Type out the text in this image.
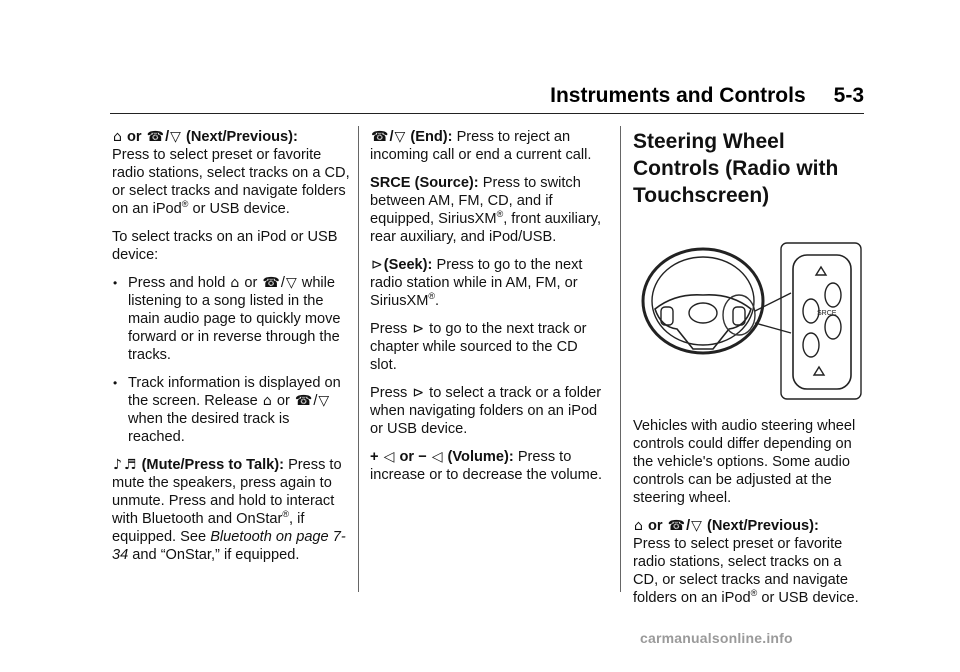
Instruments and Controls 5-3

⌂ or ☎/▽ (Next/Previous):
Press to select preset or favorite radio stations, select tracks on a CD, or select tracks and navigate folders on an iPod® or USB device.

To select tracks on an iPod or USB device:

• Press and hold ⌂ or ☎/▽ while listening to a song listed in the main audio page to quickly move forward or in reverse through the tracks.
• Track information is displayed on the screen. Release ⌂ or ☎/▽ when the desired track is reached.

♪ ♬ (Mute/Press to Talk): Press to mute the speakers, press again to unmute. Press and hold to interact with Bluetooth and OnStar®, if equipped. See Bluetooth on page 7-34 and “OnStar,” if equipped.

☎/▽ (End): Press to reject an incoming call or end a current call.

SRCE (Source): Press to switch between AM, FM, CD, and if equipped, SiriusXM®, front auxiliary, rear auxiliary, and iPod/USB.

⊳(Seek): Press to go to the next radio station while in AM, FM, or SiriusXM®.

Press ⊳ to go to the next track or chapter while sourced to the CD slot.

Press ⊳ to select a track or a folder when navigating folders on an iPod or USB device.

+ ◁ or − ◁ (Volume): Press to increase or to decrease the volume.

Steering Wheel Controls (Radio with Touchscreen)
SRCE

Vehicles with audio steering wheel controls could differ depending on the vehicle's options. Some audio controls can be adjusted at the steering wheel.

⌂ or ☎/▽ (Next/Previous):
Press to select preset or favorite radio stations, select tracks on a CD, or select tracks and navigate folders on an iPod® or USB device.

carmanualsonline.info
